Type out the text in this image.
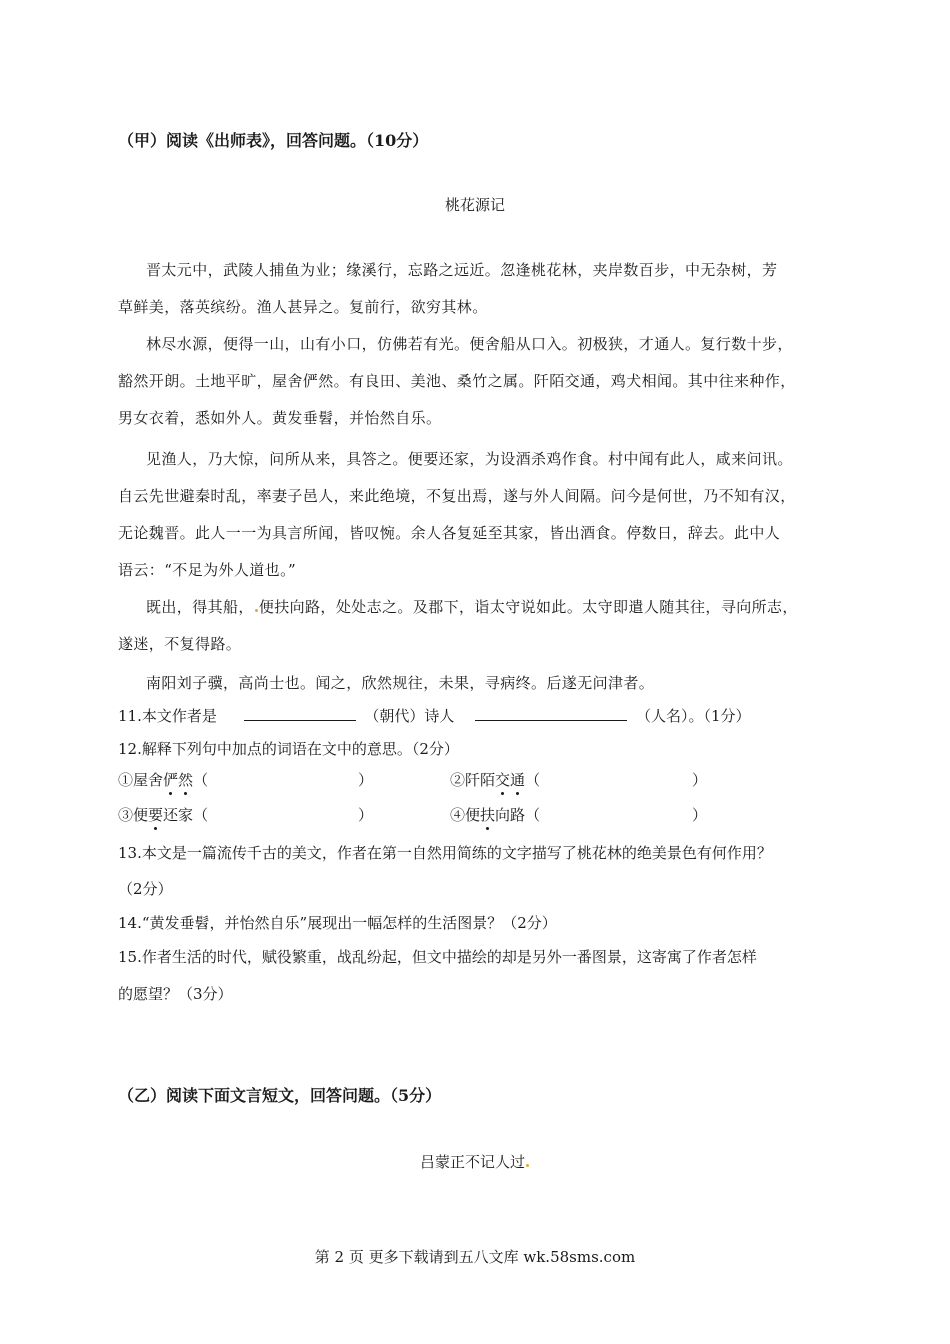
（甲）阅读《出师表》，回答问题。（10分）
桃花源记
晋太元中，武陵人捕鱼为业；缘溪行，忘路之远近。忽逢桃花林，夹岸数百步，中无杂树，芳
草鲜美，落英缤纷。渔人甚异之。复前行，欲穷其林。
林尽水源，便得一山，山有小口，仿佛若有光。便舍船从口入。初极狭，才通人。复行数十步，
豁然开朗。土地平旷，屋舍俨然。有良田、美池、桑竹之属。阡陌交通，鸡犬相闻。其中往来种作，
男女衣着，悉如外人。黄发垂髫，并怡然自乐。
见渔人，乃大惊，问所从来，具答之。便要还家，为设酒杀鸡作食。村中闻有此人，咸来问讯。
自云先世避秦时乱，率妻子邑人，来此绝境，不复出焉，遂与外人间隔。问今是何世，乃不知有汉，
无论魏晋。此人一一为具言所闻，皆叹惋。余人各复延至其家，皆出酒食。停数日，辞去。此中人
语云：“不足为外人道也。”
既出，得其船， 便扶向路，处处志之。及郡下，诣太守说如此。太守即遣人随其往，寻向所志，
遂迷，不复得路。
南阳刘子骥，高尚士也。闻之，欣然规往，未果，寻病终。后遂无问津者。
11.本文作者是	（朝代）诗人	（人名）。（1分）
12.解释下列句中加点的词语在文中的意思。（2分）
①屋舍俨然（	）	②阡陌交通（	）
③便要还家（	）	④便扶向路（	）
13.本文是一篇流传千古的美文，作者在第一自然用简练的文字描写了桃花林的绝美景色有何作用？
（2分）
14.“黄发垂髫，并怡然自乐”展现出一幅怎样的生活图景？（2分）
15.作者生活的时代，赋役繁重，战乱纷起，但文中描绘的却是另外一番图景，这寄寓了作者怎样
的愿望？（3分）
（乙）阅读下面文言短文，回答问题。（5分）
吕蒙正不记人过
第 2 页 更多下载请到五八文库 wk.58sms.com
